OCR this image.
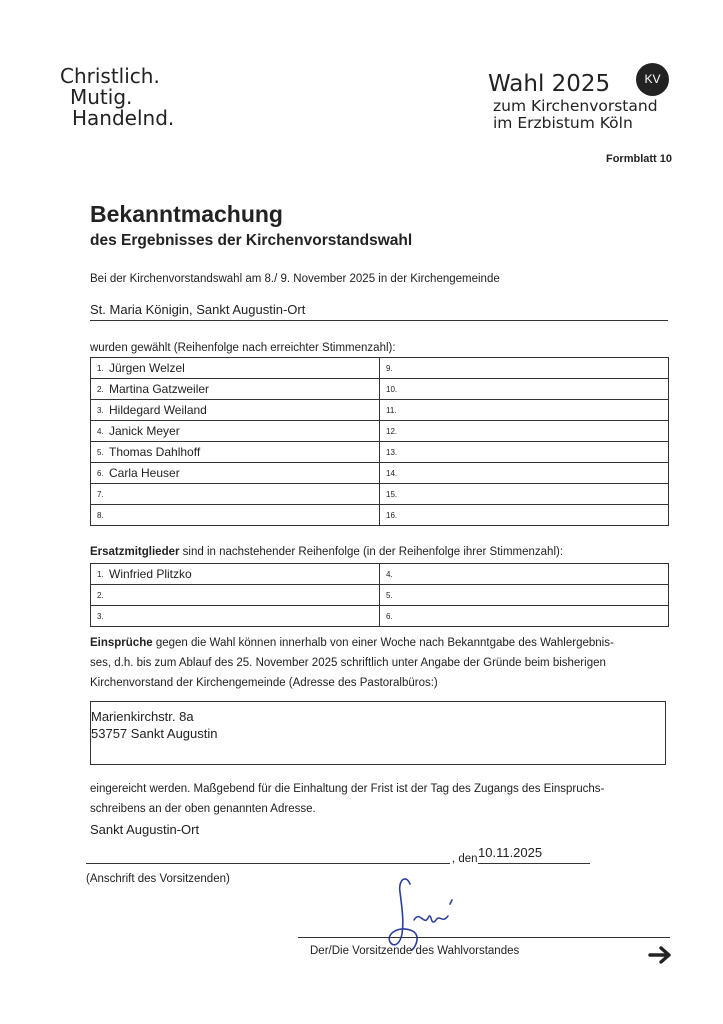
Christlich.
Mutig.
Handelnd.
Wahl 2025
zum Kirchenvorstand
im Erzbistum Köln
KV
Formblatt 10
Bekanntmachung
des Ergebnisses der Kirchenvorstandswahl
Bei der Kirchenvorstandswahl am 8./ 9. November 2025 in der Kirchengemeinde
St. Maria Königin, Sankt Augustin-Ort
wurden gewählt (Reihenfolge nach erreichter Stimmenzahl):
1. Jürgen Welzel	9.
2. Martina Gatzweiler	10.
3. Hildegard Weiland	11.
4. Janick Meyer	12.
5. Thomas Dahlhoff	13.
6. Carla Heuser	14.
7.	15.
8.	16.
Ersatzmitglieder sind in nachstehender Reihenfolge (in der Reihenfolge ihrer Stimmenzahl):
1. Winfried Plitzko	4.
2.	5.
3.	6.
Einsprüche gegen die Wahl können innerhalb von einer Woche nach Bekanntgabe des Wahlergebnis-
ses, d.h. bis zum Ablauf des 25. November 2025 schriftlich unter Angabe der Gründe beim bisherigen
Kirchenvorstand der Kirchengemeinde (Adresse des Pastoralbüros:)
Marienkirchstr. 8a
53757 Sankt Augustin
eingereicht werden. Maßgebend für die Einhaltung der Frist ist der Tag des Zugangs des Einspruchs-
schreibens an der oben genannten Adresse.
Sankt Augustin-Ort
, den 10.11.2025
(Anschrift des Vorsitzenden)
Der/Die Vorsitzende des Wahlvorstandes
